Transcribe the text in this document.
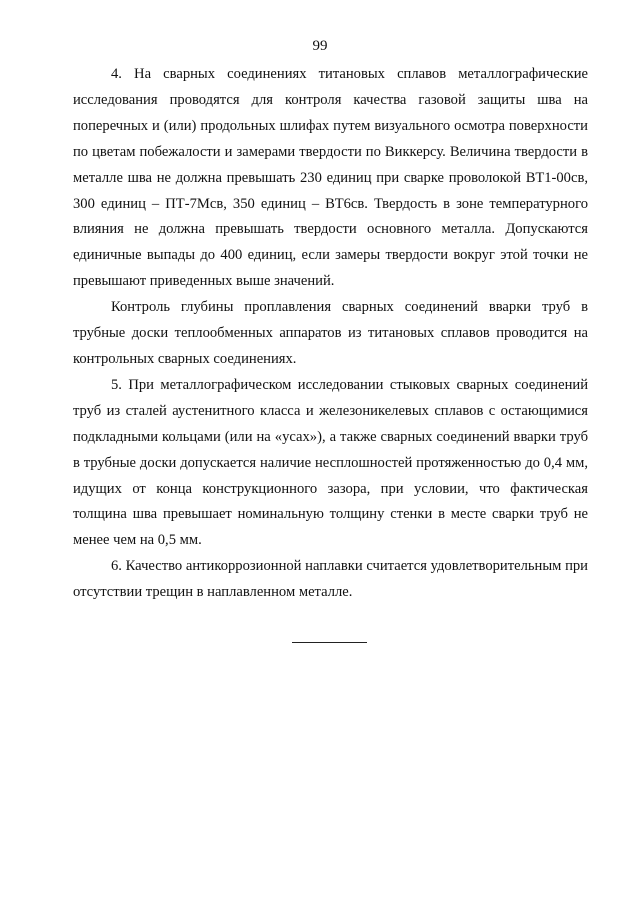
99

4. На сварных соединениях титановых сплавов металлографические исследования проводятся для контроля качества газовой защиты шва на поперечных и (или) продольных шлифах путем визуального осмотра поверхности по цветам побежалости и замерами твердости по Виккерсу. Величина твердости в металле шва не должна превышать 230 единиц при сварке проволокой ВТ1-00св, 300 единиц – ПТ-7Мсв, 350 единиц – ВТ6св. Твердость в зоне температурного влияния не должна превышать твердости основного металла. Допускаются единичные выпады до 400 единиц, если замеры твердости вокруг этой точки не превышают приведенных выше значений.

Контроль глубины проплавления сварных соединений вварки труб в трубные доски теплообменных аппаратов из титановых сплавов проводится на контрольных сварных соединениях.

5. При металлографическом исследовании стыковых сварных соединений труб из сталей аустенитного класса и железоникелевых сплавов с остающимися подкладными кольцами (или на «усах»), а также сварных соединений вварки труб в трубные доски допускается наличие несплошностей протяженностью до 0,4 мм, идущих от конца конструкционного зазора, при условии, что фактическая толщина шва превышает номинальную толщину стенки в месте сварки труб не менее чем на 0,5 мм.

6. Качество антикоррозионной наплавки считается удовлетворительным при отсутствии трещин в наплавленном металле.
